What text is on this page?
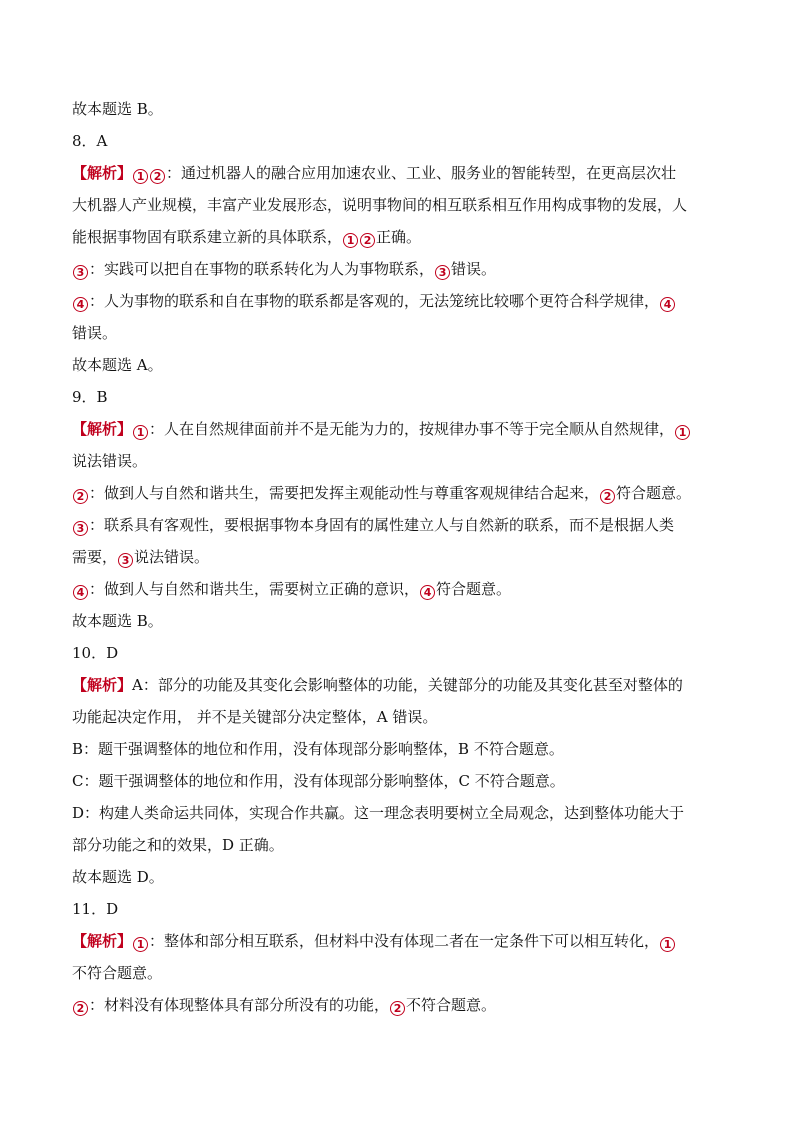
故本题选 B。
8．A
【解析】 1 2 ：通过机器人的融合应用加速农业、工业、服务业的智能转型，在更高层次壮
大机器人产业规模，丰富产业发展形态，说明事物间的相互联系相互作用构成事物的发展，人
能根据事物固有联系建立新的具体联系， 1 2 正确。
3 ：实践可以把自在事物的联系转化为人为事物联系， 3 错误。
4 ：人为事物的联系和自在事物的联系都是客观的，无法笼统比较哪个更符合科学规律， 4
错误。
故本题选 A。
9．B
【解析】 1 ：人在自然规律面前并不是无能为力的，按规律办事不等于完全顺从自然规律， 1
说法错误。
2 ：做到人与自然和谐共生，需要把发挥主观能动性与尊重客观规律结合起来， 2 符合题意。
3 ：联系具有客观性，要根据事物本身固有的属性建立人与自然新的联系，而不是根据人类
需要， 3 说法错误。
4 ：做到人与自然和谐共生，需要树立正确的意识， 4 符合题意。
故本题选 B。
10．D
【解析】A：部分的功能及其变化会影响整体的功能，关键部分的功能及其变化甚至对整体的
功能起决定作用， 并不是关键部分决定整体，A 错误。
B：题干强调整体的地位和作用，没有体现部分影响整体，B 不符合题意。
C：题干强调整体的地位和作用，没有体现部分影响整体，C 不符合题意。
D：构建人类命运共同体，实现合作共赢。这一理念表明要树立全局观念，达到整体功能大于
部分功能之和的效果，D 正确。
故本题选 D。
11．D
【解析】 1 ：整体和部分相互联系，但材料中没有体现二者在一定条件下可以相互转化， 1
不符合题意。
2 ：材料没有体现整体具有部分所没有的功能， 2 不符合题意。
